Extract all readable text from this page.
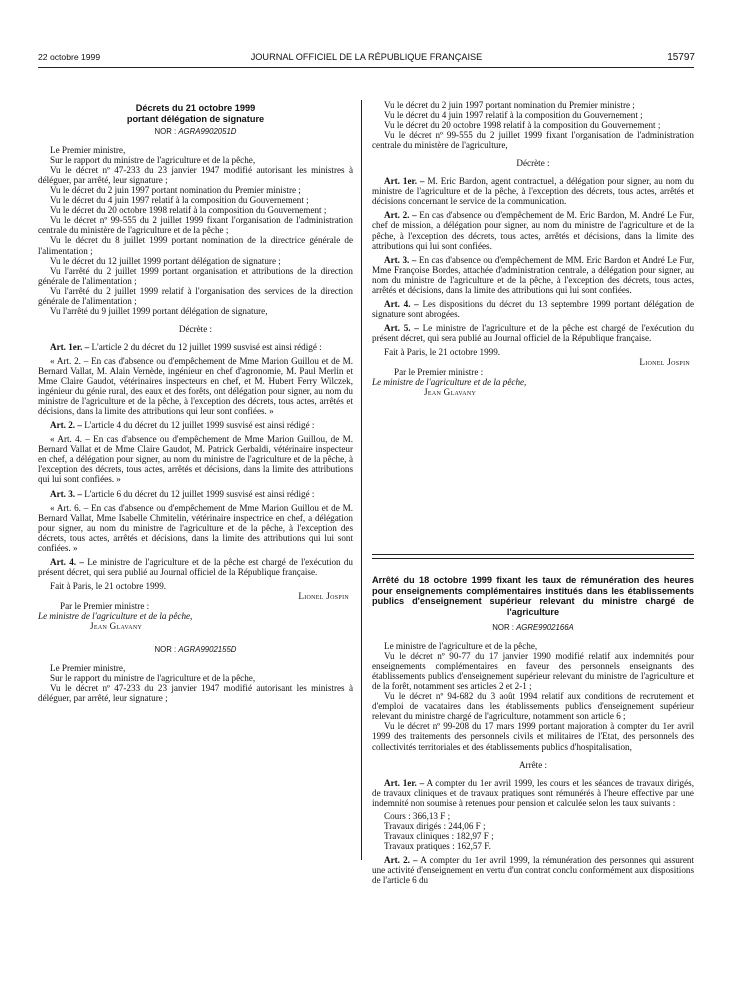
22 octobre 1999	JOURNAL OFFICIEL DE LA RÉPUBLIQUE FRANÇAISE	15797

Décrets du 21 octobre 1999

portant délégation de signature

NOR : AGRA9902051D

Le Premier ministre,

Sur le rapport du ministre de l'agriculture et de la pêche,

Vu le décret nº 47-233 du 23 janvier 1947 modifié autorisant les ministres à déléguer, par arrêté, leur signature ;

Vu le décret du 2 juin 1997 portant nomination du Premier ministre ;

Vu le décret du 4 juin 1997 relatif à la composition du Gouvernement ;

Vu le décret du 20 octobre 1998 relatif à la composition du Gouvernement ;

Vu le décret nº 99-555 du 2 juillet 1999 fixant l'organisation de l'administration centrale du ministère de l'agriculture et de la pêche ;

Vu le décret du 8 juillet 1999 portant nomination de la directrice générale de l'alimentation ;

Vu le décret du 12 juillet 1999 portant délégation de signature ;

Vu l'arrêté du 2 juillet 1999 portant organisation et attributions de la direction générale de l'alimentation ;

Vu l'arrêté du 2 juillet 1999 relatif à l'organisation des services de la direction générale de l'alimentation ;

Vu l'arrêté du 9 juillet 1999 portant délégation de signature,

Décrète :

Art. 1er. – L'article 2 du décret du 12 juillet 1999 susvisé est ainsi rédigé :

« Art. 2. – En cas d'absence ou d'empêchement de Mme Marion Guillou et de M. Bernard Vallat, M. Alain Vernède, ingénieur en chef d'agronomie, M. Paul Merlin et Mme Claire Gaudot, vétérinaires inspecteurs en chef, et M. Hubert Ferry Wilczek, ingénieur du génie rural, des eaux et des forêts, ont délégation pour signer, au nom du ministre de l'agriculture et de la pêche, à l'exception des décrets, tous actes, arrêtés et décisions, dans la limite des attributions qui leur sont confiées. »

Art. 2. – L'article 4 du décret du 12 juillet 1999 susvisé est ainsi rédigé :

« Art. 4. – En cas d'absence ou d'empêchement de Mme Marion Guillou, de M. Bernard Vallat et de Mme Claire Gaudot, M. Patrick Gerbaldi, vétérinaire inspecteur en chef, a délégation pour signer, au nom du ministre de l'agriculture et de la pêche, à l'exception des décrets, tous actes, arrêtés et décisions, dans la limite des attributions qui lui sont confiées. »

Art. 3. – L'article 6 du décret du 12 juillet 1999 susvisé est ainsi rédigé :

« Art. 6. – En cas d'absence ou d'empêchement de Mme Marion Guillou et de M. Bernard Vallat, Mme Isabelle Chmitelin, vétérinaire inspectrice en chef, a délégation pour signer, au nom du ministre de l'agriculture et de la pêche, à l'exception des décrets, tous actes, arrêtés et décisions, dans la limite des attributions qui lui sont confiées. »

Art. 4. – Le ministre de l'agriculture et de la pêche est chargé de l'exécution du présent décret, qui sera publié au Journal officiel de la République française.

Fait à Paris, le 21 octobre 1999.

Lionel Jospin

Par le Premier ministre :

Le ministre de l'agriculture et de la pêche,

Jean Glavany

NOR : AGRA9902155D

Le Premier ministre,

Sur le rapport du ministre de l'agriculture et de la pêche,

Vu le décret nº 47-233 du 23 janvier 1947 modifié autorisant les ministres à déléguer, par arrêté, leur signature ;

Vu le décret du 2 juin 1997 portant nomination du Premier ministre ;

Vu le décret du 4 juin 1997 relatif à la composition du Gouvernement ;

Vu le décret du 20 octobre 1998 relatif à la composition du Gouvernement ;

Vu le décret nº 99-555 du 2 juillet 1999 fixant l'organisation de l'administration centrale du ministère de l'agriculture,

Décrète :

Art. 1er. – M. Eric Bardon, agent contractuel, a délégation pour signer, au nom du ministre de l'agriculture et de la pêche, à l'exception des décrets, tous actes, arrêtés et décisions concernant le service de la communication.

Art. 2. – En cas d'absence ou d'empêchement de M. Eric Bardon, M. André Le Fur, chef de mission, a délégation pour signer, au nom du ministre de l'agriculture et de la pêche, à l'exception des décrets, tous actes, arrêtés et décisions, dans la limite des attributions qui lui sont confiées.

Art. 3. – En cas d'absence ou d'empêchement de MM. Eric Bardon et André Le Fur, Mme Françoise Bordes, attachée d'administration centrale, a délégation pour signer, au nom du ministre de l'agriculture et de la pêche, à l'exception des décrets, tous actes, arrêtés et décisions, dans la limite des attributions qui lui sont confiées.

Art. 4. – Les dispositions du décret du 13 septembre 1999 portant délégation de signature sont abrogées.

Art. 5. – Le ministre de l'agriculture et de la pêche est chargé de l'exécution du présent décret, qui sera publié au Journal officiel de la République française.

Fait à Paris, le 21 octobre 1999.

Lionel Jospin

Par le Premier ministre :

Le ministre de l'agriculture et de la pêche,

Jean Glavany

Arrêté du 18 octobre 1999 fixant les taux de rémunération des heures pour enseignements complémentaires institués dans les établissements publics d'enseignement supérieur relevant du ministre chargé de l'agriculture

NOR : AGRE9902166A

Le ministre de l'agriculture et de la pêche,

Vu le décret nº 90-77 du 17 janvier 1990 modifié relatif aux indemnités pour enseignements complémentaires en faveur des personnels enseignants des établissements publics d'enseignement supérieur relevant du ministre de l'agriculture et de la forêt, notamment ses articles 2 et 2-1 ;

Vu le décret nº 94-682 du 3 août 1994 relatif aux conditions de recrutement et d'emploi de vacataires dans les établissements publics d'enseignement supérieur relevant du ministre chargé de l'agriculture, notamment son article 6 ;

Vu le décret nº 99-208 du 17 mars 1999 portant majoration à compter du 1er avril 1999 des traitements des personnels civils et militaires de l'Etat, des personnels des collectivités territoriales et des établissements publics d'hospitalisation,

Arrête :

Art. 1er. – A compter du 1er avril 1999, les cours et les séances de travaux dirigés, de travaux cliniques et de travaux pratiques sont rémunérés à l'heure effective par une indemnité non soumise à retenues pour pension et calculée selon les taux suivants :

Cours : 366,13 F ;

Travaux dirigés : 244,06 F ;

Travaux cliniques : 182,97 F ;

Travaux pratiques : 162,57 F.

Art. 2. – A compter du 1er avril 1999, la rémunération des personnes qui assurent une activité d'enseignement en vertu d'un contrat conclu conformément aux dispositions de l'article 6 du
